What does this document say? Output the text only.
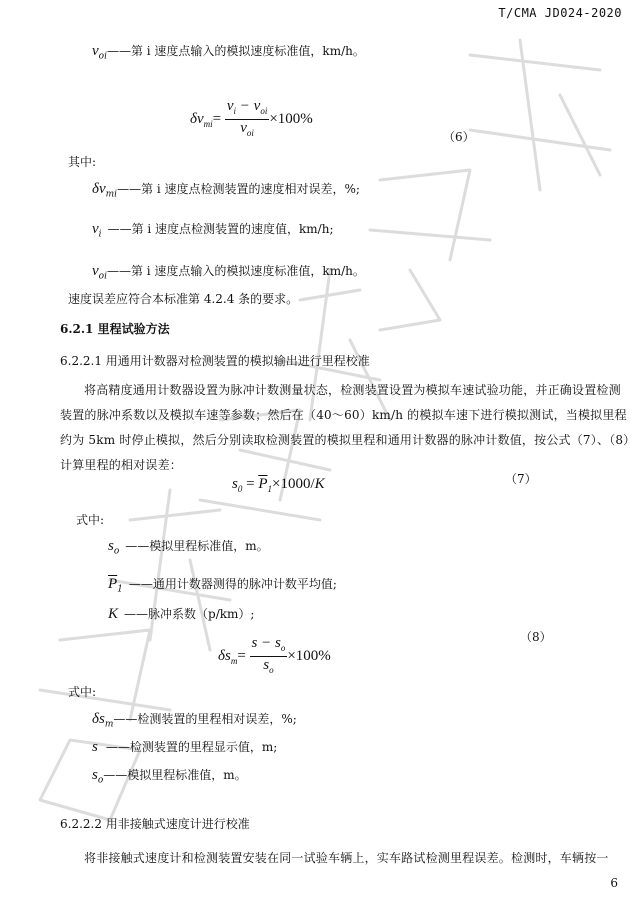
T/CMA JD024-2020
$v_{oi}——$第 i 速度点输入的模拟速度标准值，km/h。
$\delta v_{mi}= \frac{v_i - v_{oi}}{v_{oi}} \times 100\%$
（6）
其中:
$\delta v_{mi}——$第 i 速度点检测装置的速度相对误差，%;
$v_i$ ——第 i 速度点检测装置的速度值，km/h;
$v_{oi}——$第 i 速度点输入的模拟速度标准值，km/h。
速度误差应符合本标准第 4.2.4 条的要求。
6.2.1 里程试验方法
6.2.2.1 用通用计数器对检测装置的模拟输出进行里程校准
将高精度通用计数器设置为脉冲计数测量状态，检测装置设置为模拟车速试验功能，并正确设置检测装置的脉冲系数以及模拟车速等参数；然后在（40～60）km/h 的模拟车速下进行模拟测试，当模拟里程约为 5km 时停止模拟，然后分别读取检测装置的模拟里程和通用计数器的脉冲计数值，按公式（7）、（8）计算里程的相对误差：
$s_0 = \overline{P}_1\times 1000/K$	（7）
式中:
$s_o$ ——模拟里程标准值，m。
$\overline{P}_1$ ——通用计数器测得的脉冲计数平均值;
K ——脉冲系数（p/km）;
$\delta s_m= \frac{s - s_o}{s_o} \times 100\%$
（8）
式中:
$\delta s_m——$检测装置的里程相对误差，%;
s ——检测装置的里程显示值，m;
$s_o——$模拟里程标准值，m。
6.2.2.2 用非接触式速度计进行校准
将非接触式速度计和检测装置安装在同一试验车辆上，实车路试检测里程误差。检测时，车辆按一
6
